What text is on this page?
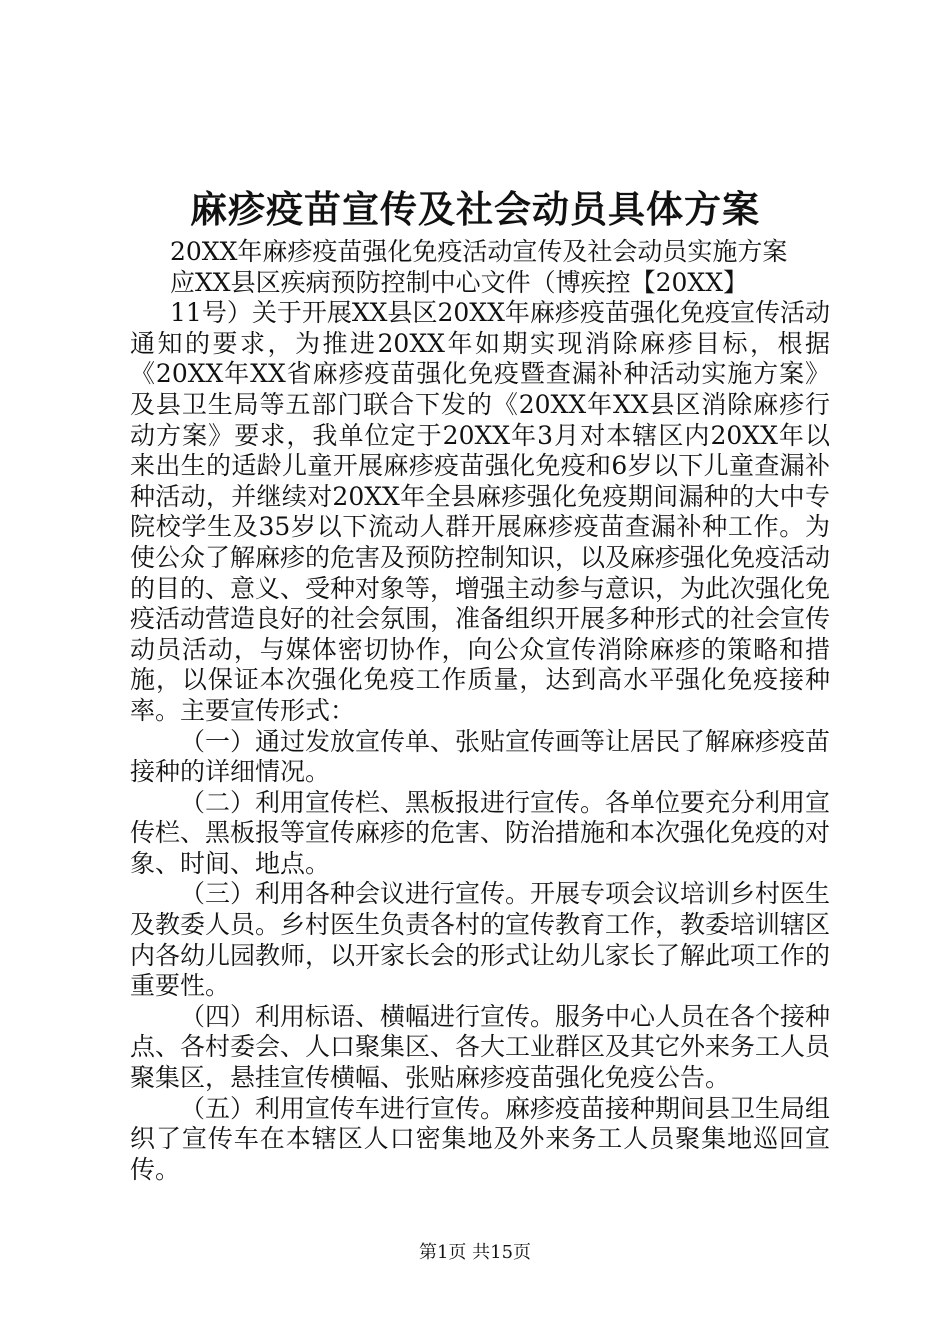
麻疹疫苗宣传及社会动员具体方案

20XX年麻疹疫苗强化免疫活动宣传及社会动员实施方案

应XX县区疾病预防控制中心文件（博疾控【20XX】

11号）关于开展XX县区20XX年麻疹疫苗强化免疫宣传活动通知的要求，为推进20XX年如期实现消除麻疹目标，根据《20XX年XX省麻疹疫苗强化免疫暨查漏补种活动实施方案》及县卫生局等五部门联合下发的《20XX年XX县区消除麻疹行动方案》要求，我单位定于20XX年3月对本辖区内20XX年以来出生的适龄儿童开展麻疹疫苗强化免疫和6岁以下儿童查漏补种活动，并继续对20XX年全县麻疹强化免疫期间漏种的大中专院校学生及35岁以下流动人群开展麻疹疫苗查漏补种工作。为使公众了解麻疹的危害及预防控制知识，以及麻疹强化免疫活动的目的、意义、受种对象等，增强主动参与意识，为此次强化免疫活动营造良好的社会氛围，准备组织开展多种形式的社会宣传动员活动，与媒体密切协作，向公众宣传消除麻疹的策略和措施，以保证本次强化免疫工作质量，达到高水平强化免疫接种率。主要宣传形式：

（一）通过发放宣传单、张贴宣传画等让居民了解麻疹疫苗接种的详细情况。

（二）利用宣传栏、黑板报进行宣传。各单位要充分利用宣传栏、黑板报等宣传麻疹的危害、防治措施和本次强化免疫的对象、时间、地点。

（三）利用各种会议进行宣传。开展专项会议培训乡村医生及教委人员。乡村医生负责各村的宣传教育工作，教委培训辖区内各幼儿园教师，以开家长会的形式让幼儿家长了解此项工作的重要性。

（四）利用标语、横幅进行宣传。服务中心人员在各个接种点、各村委会、人口聚集区、各大工业群区及其它外来务工人员聚集区，悬挂宣传横幅、张贴麻疹疫苗强化免疫公告。

（五）利用宣传车进行宣传。麻疹疫苗接种期间县卫生局组织了宣传车在本辖区人口密集地及外来务工人员聚集地巡回宣传。

第1页 共15页
